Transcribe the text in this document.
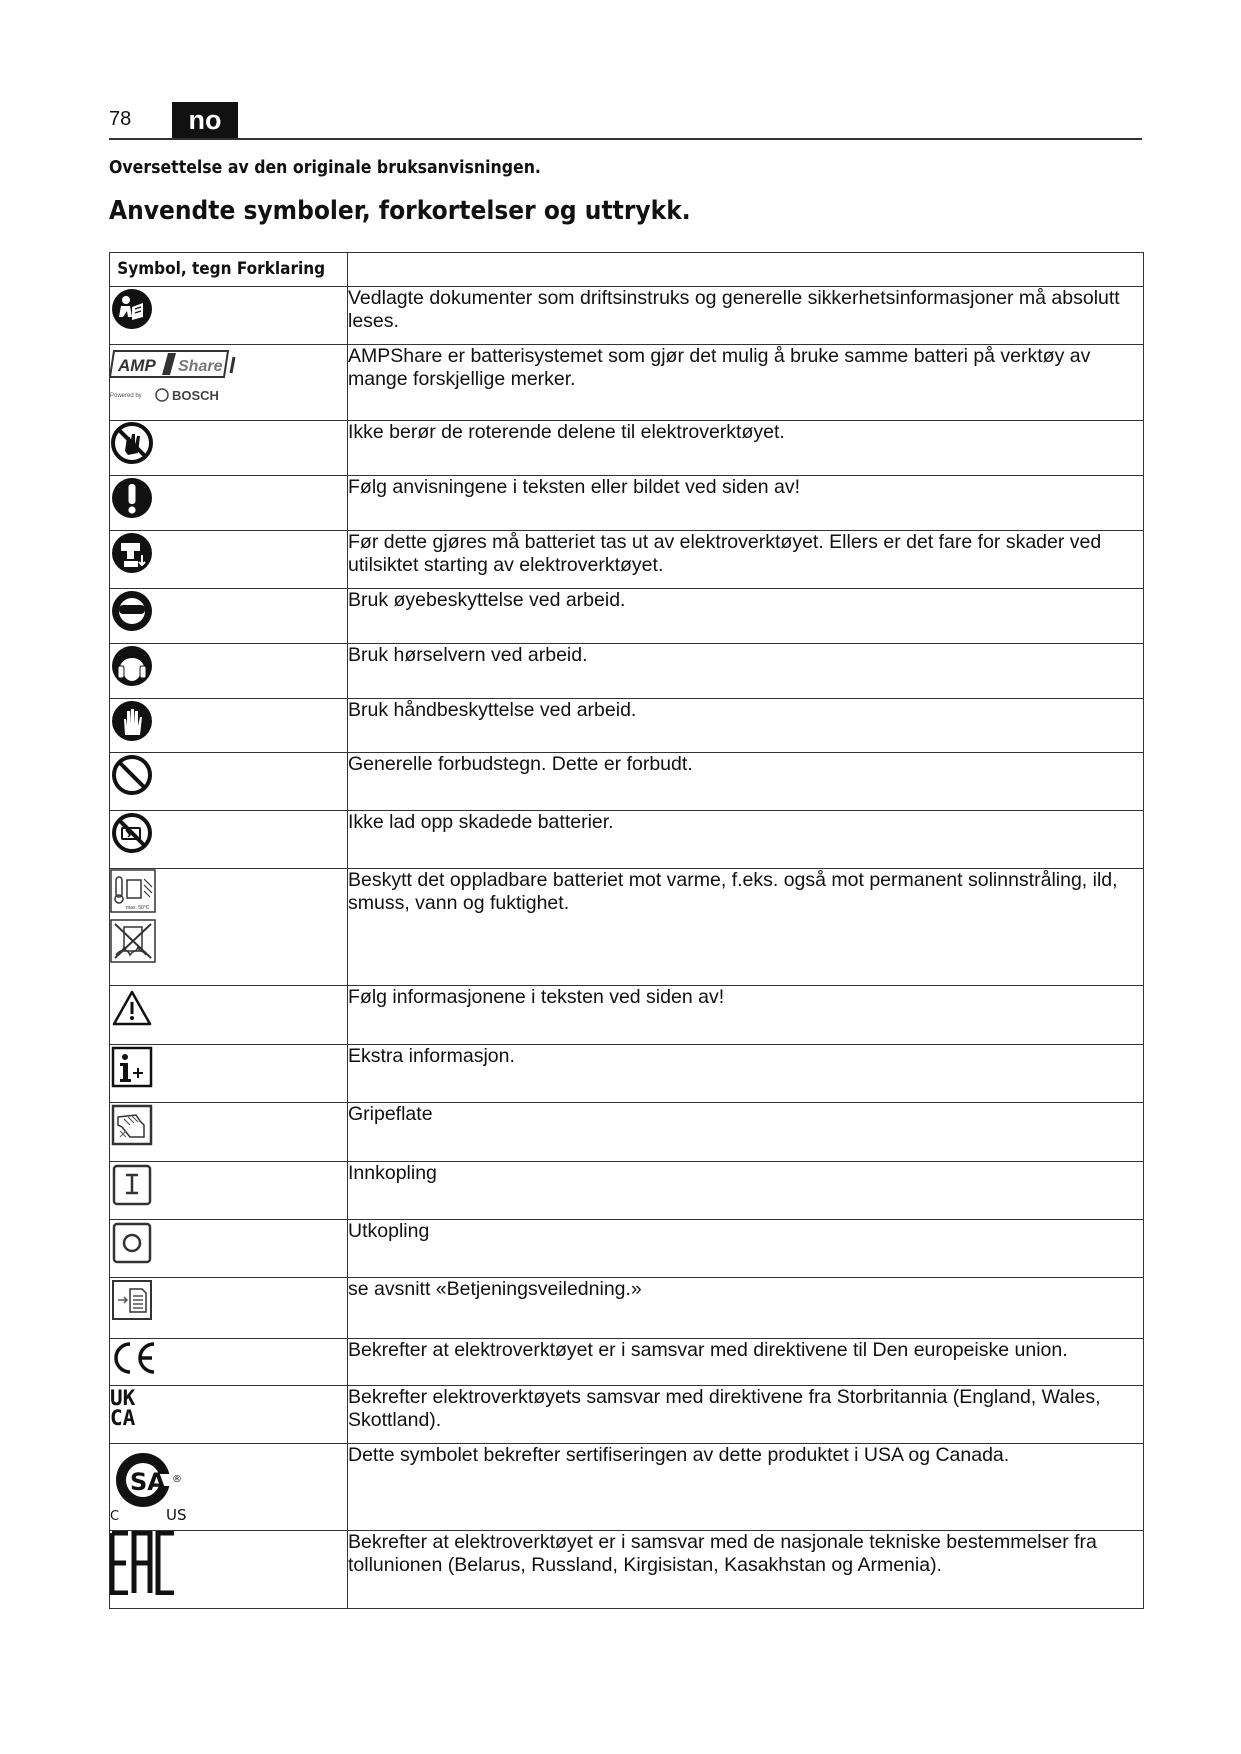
78	no
Oversettelse av den originale bruksanvisningen.
Anvendte symboler, forkortelser og uttrykk.
Symbol, tegn Forklaring	

	Vedlagte dokumenter som driftsinstruks og generelle sikkerhetsinformasjoner må absolutt leses.

AMP Share
Powered by BOSCH	AMPShare er batterisystemet som gjør det mulig å bruke samme batteri på verktøy av mange forskjellige merker.

	Ikke berør de roterende delene til elektroverktøyet.

	Følg anvisningene i teksten eller bildet ved siden av!

	Før dette gjøres må batteriet tas ut av elektroverktøyet. Ellers er det fare for skader ved utilsiktet starting av elektroverktøyet.

	Bruk øyebeskyttelse ved arbeid.

	Bruk hørselvern ved arbeid.

	Bruk håndbeskyttelse ved arbeid.

	Generelle forbudstegn. Dette er forbudt.

	Ikke lad opp skadede batterier.

max. 50°C	Beskytt det oppladbare batteriet mot varme, f.eks. også mot permanent solinnstråling, ild, smuss, vann og fuktighet.

	Følg informasjonene i teksten ved siden av!

	Ekstra informasjon.

	Gripeflate

	Innkopling

	Utkopling

	se avsnitt «Betjeningsveiledning.»

	Bekrefter at elektroverktøyet er i samsvar med direktivene til Den europeiske union.

UK
CA	Bekrefter elektroverktøyets samsvar med direktivene fra Storbritannia (England, Wales, Skottland).

SA ®
C US	Dette symbolet bekrefter sertifiseringen av dette produktet i USA og Canada.

	Bekrefter at elektroverktøyet er i samsvar med de nasjonale tekniske bestemmelser fra tollunionen (Belarus, Russland, Kirgisistan, Kasakhstan og Armenia).
